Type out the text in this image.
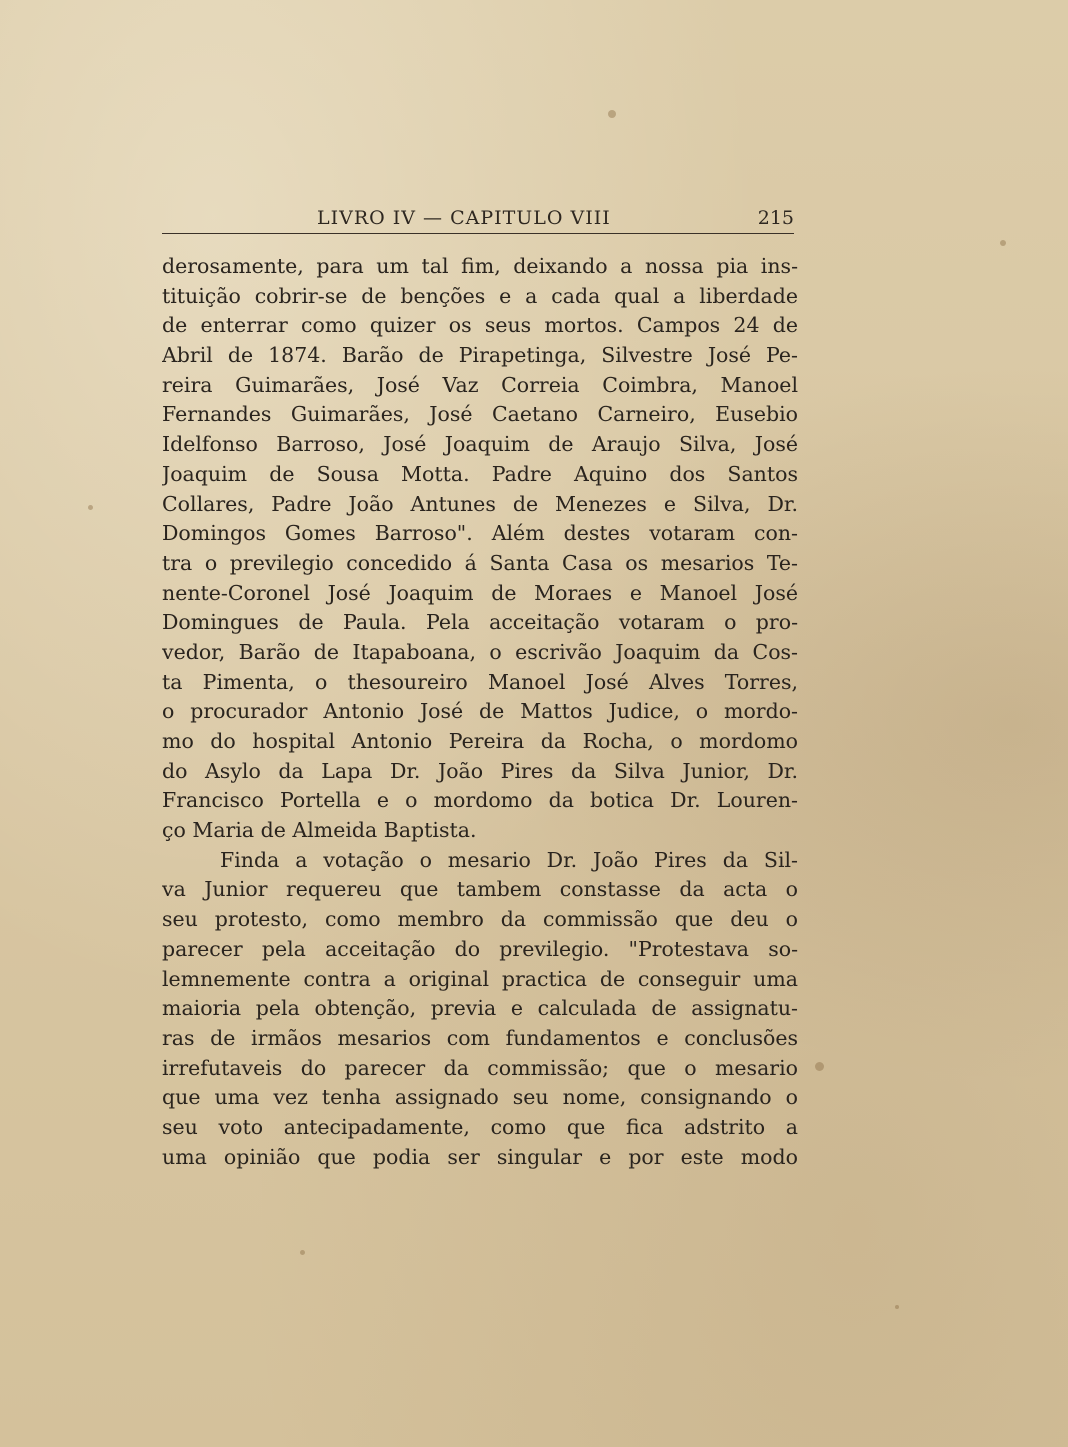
LIVRO IV — CAPITULO VIII	215
derosamente, para um tal fim, deixando a nossa pia ins-
tituição cobrir-se de benções e a cada qual a liberdade
de enterrar como quizer os seus mortos. Campos 24 de
Abril de 1874. Barão de Pirapetinga, Silvestre José Pe-
reira Guimarães, José Vaz Correia Coimbra, Manoel
Fernandes Guimarães, José Caetano Carneiro, Eusebio
Idelfonso Barroso, José Joaquim de Araujo Silva, José
Joaquim de Sousa Motta. Padre Aquino dos Santos
Collares, Padre João Antunes de Menezes e Silva, Dr.
Domingos Gomes Barroso". Além destes votaram con-
tra o previlegio concedido á Santa Casa os mesarios Te-
nente-Coronel José Joaquim de Moraes e Manoel José
Domingues de Paula. Pela acceitação votaram o pro-
vedor, Barão de Itapaboana, o escrivão Joaquim da Cos-
ta Pimenta, o thesoureiro Manoel José Alves Torres,
o procurador Antonio José de Mattos Judice, o mordo-
mo do hospital Antonio Pereira da Rocha, o mordomo
do Asylo da Lapa Dr. João Pires da Silva Junior, Dr.
Francisco Portella e o mordomo da botica Dr. Louren-
ço Maria de Almeida Baptista.
Finda a votação o mesario Dr. João Pires da Sil-
va Junior requereu que tambem constasse da acta o
seu protesto, como membro da commissão que deu o
parecer pela acceitação do previlegio. "Protestava so-
lemnemente contra a original practica de conseguir uma
maioria pela obtenção, previa e calculada de assignatu-
ras de irmãos mesarios com fundamentos e conclusões
irrefutaveis do parecer da commissão; que o mesario
que uma vez tenha assignado seu nome, consignando o
seu voto antecipadamente, como que fica adstrito a
uma opinião que podia ser singular e por este modo
